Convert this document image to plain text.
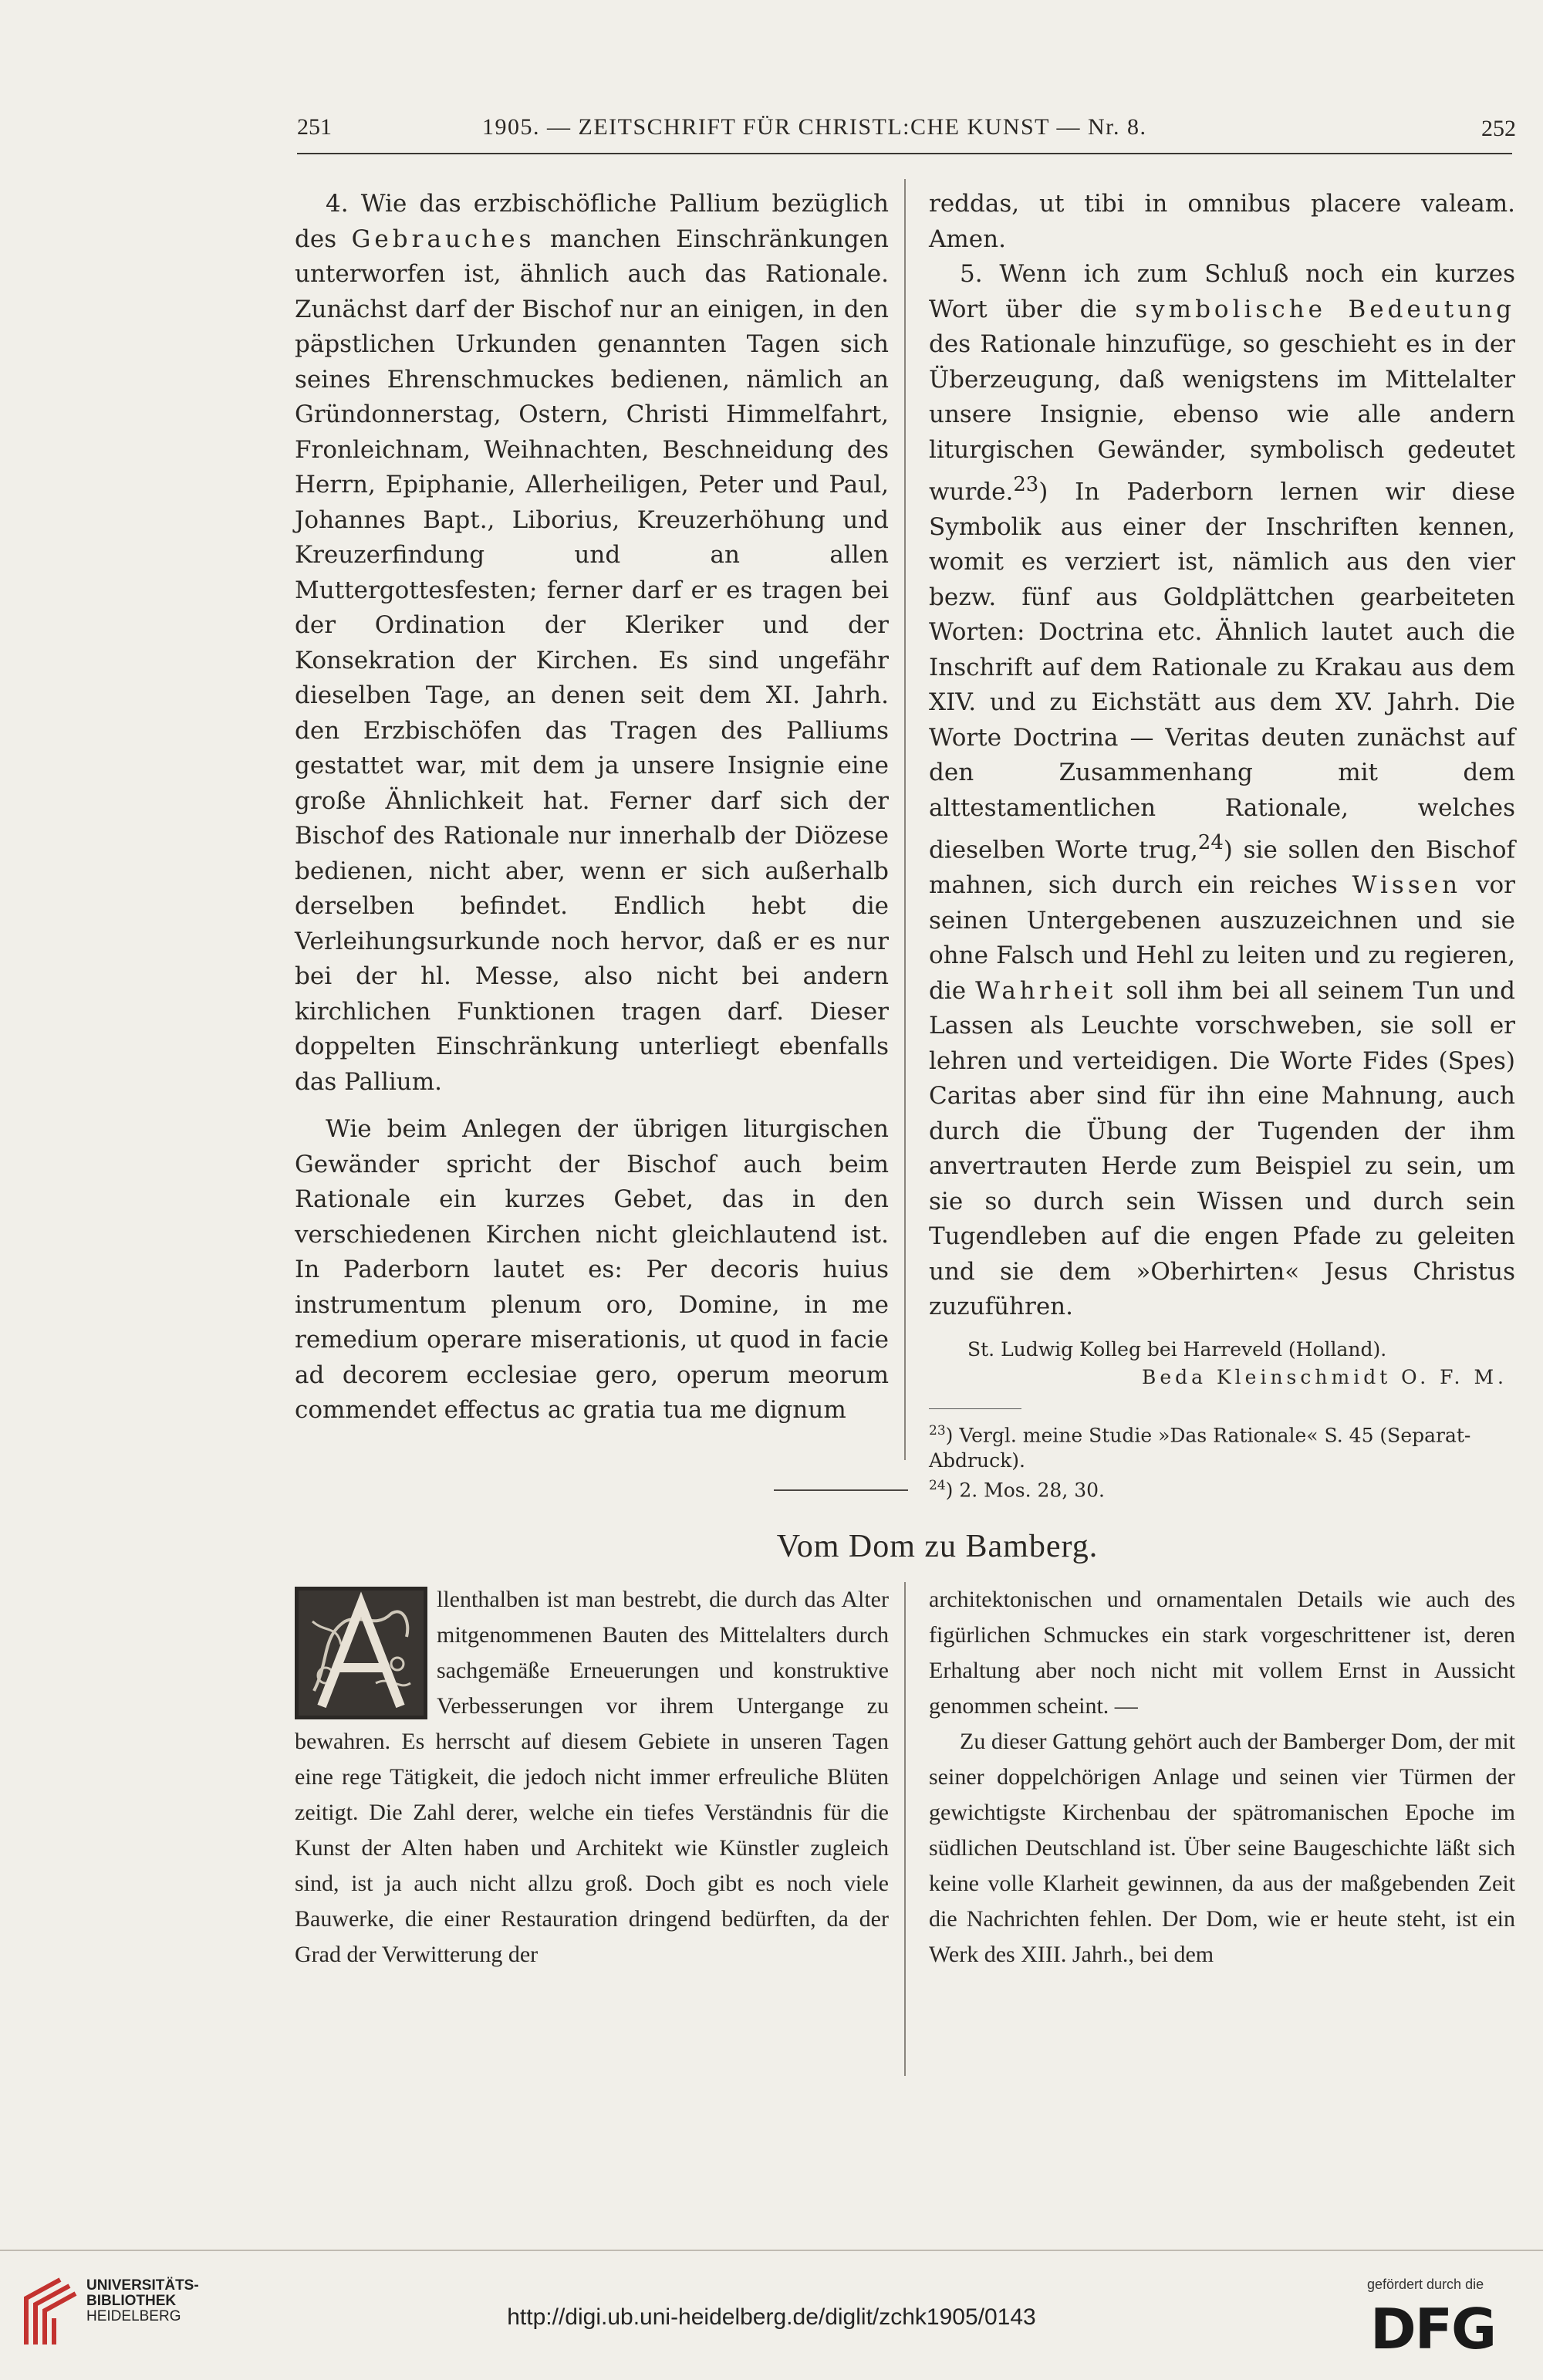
251	1905. — ZEITSCHRIFT FÜR CHRISTL:CHE KUNST — Nr. 8.	252

4. Wie das erzbischöfliche Pallium bezüglich des Gebrauches manchen Einschränkungen unterworfen ist, ähnlich auch das Rationale. Zunächst darf der Bischof nur an einigen, in den päpstlichen Urkunden genannten Tagen sich seines Ehrenschmuckes bedienen, nämlich an Gründonnerstag, Ostern, Christi Himmelfahrt, Fronleichnam, Weihnachten, Beschneidung des Herrn, Epiphanie, Allerheiligen, Peter und Paul, Johannes Bapt., Liborius, Kreuzerhöhung und Kreuzerfindung und an allen Muttergottesfesten; ferner darf er es tragen bei der Ordination der Kleriker und der Konsekration der Kirchen. Es sind ungefähr dieselben Tage, an denen seit dem XI. Jahrh. den Erzbischöfen das Tragen des Palliums gestattet war, mit dem ja unsere Insignie eine große Ähnlichkeit hat. Ferner darf sich der Bischof des Rationale nur innerhalb der Diözese bedienen, nicht aber, wenn er sich außerhalb derselben befindet. Endlich hebt die Verleihungsurkunde noch hervor, daß er es nur bei der hl. Messe, also nicht bei andern kirchlichen Funktionen tragen darf. Dieser doppelten Einschränkung unterliegt ebenfalls das Pallium.

Wie beim Anlegen der übrigen liturgischen Gewänder spricht der Bischof auch beim Rationale ein kurzes Gebet, das in den verschiedenen Kirchen nicht gleichlautend ist. In Paderborn lautet es: Per decoris huius instrumentum plenum oro, Domine, in me remedium operare miserationis, ut quod in facie ad decorem ecclesiae gero, operum meorum commendet effectus ac gratia tua me dignum

reddas, ut tibi in omnibus placere valeam. Amen.

5. Wenn ich zum Schluß noch ein kurzes Wort über die symbolische Bedeutung des Rationale hinzufüge, so geschieht es in der Überzeugung, daß wenigstens im Mittelalter unsere Insignie, ebenso wie alle andern liturgischen Gewänder, symbolisch gedeutet wurde.$^{23}$) In Paderborn lernen wir diese Symbolik aus einer der Inschriften kennen, womit es verziert ist, nämlich aus den vier bezw. fünf aus Goldplättchen gearbeiteten Worten: Doctrina etc. Ähnlich lautet auch die Inschrift auf dem Rationale zu Krakau aus dem XIV. und zu Eichstätt aus dem XV. Jahrh. Die Worte Doctrina — Veritas deuten zunächst auf den Zusammenhang mit dem alttestamentlichen Rationale, welches dieselben Worte trug,$^{24}$) sie sollen den Bischof mahnen, sich durch ein reiches Wissen vor seinen Untergebenen auszuzeichnen und sie ohne Falsch und Hehl zu leiten und zu regieren, die Wahrheit soll ihm bei all seinem Tun und Lassen als Leuchte vorschweben, sie soll er lehren und verteidigen. Die Worte Fides (Spes) Caritas aber sind für ihn eine Mahnung, auch durch die Übung der Tugenden der ihm anvertrauten Herde zum Beispiel zu sein, um sie so durch sein Wissen und durch sein Tugendleben auf die engen Pfade zu geleiten und sie dem »Oberhirten« Jesus Christus zuzuführen.

St. Ludwig Kolleg bei Harreveld (Holland).
Beda Kleinschmidt O. F. M.
$^{23}$) Vergl. meine Studie »Das Rationale« S. 45 (Separat-Abdruck).
$^{24}$) 2. Mos. 28, 30.
Vom Dom zu Bamberg.

llenthalben ist man bestrebt, die durch das Alter mitgenommenen Bauten des Mittelalters durch sachgemäße Erneuerungen und konstruktive Verbesserungen vor ihrem Untergange zu bewahren. Es herrscht auf diesem Gebiete in unseren Tagen eine rege Tätigkeit, die jedoch nicht immer erfreuliche Blüten zeitigt. Die Zahl derer, welche ein tiefes Verständnis für die Kunst der Alten haben und Architekt wie Künstler zugleich sind, ist ja auch nicht allzu groß. Doch gibt es noch viele Bauwerke, die einer Restauration dringend bedürften, da der Grad der Verwitterung der

architektonischen und ornamentalen Details wie auch des figürlichen Schmuckes ein stark vorgeschrittener ist, deren Erhaltung aber noch nicht mit vollem Ernst in Aussicht genommen scheint. —

Zu dieser Gattung gehört auch der Bamberger Dom, der mit seiner doppelchörigen Anlage und seinen vier Türmen der gewichtigste Kirchenbau der spätromanischen Epoche im südlichen Deutschland ist. Über seine Baugeschichte läßt sich keine volle Klarheit gewinnen, da aus der maßgebenden Zeit die Nachrichten fehlen. Der Dom, wie er heute steht, ist ein Werk des XIII. Jahrh., bei dem

UNIVERSITÄTS-
BIBLIOTHEK
HEIDELBERG	http://digi.ub.uni-heidelberg.de/diglit/zchk1905/0143
gefördert durch die
DFG
